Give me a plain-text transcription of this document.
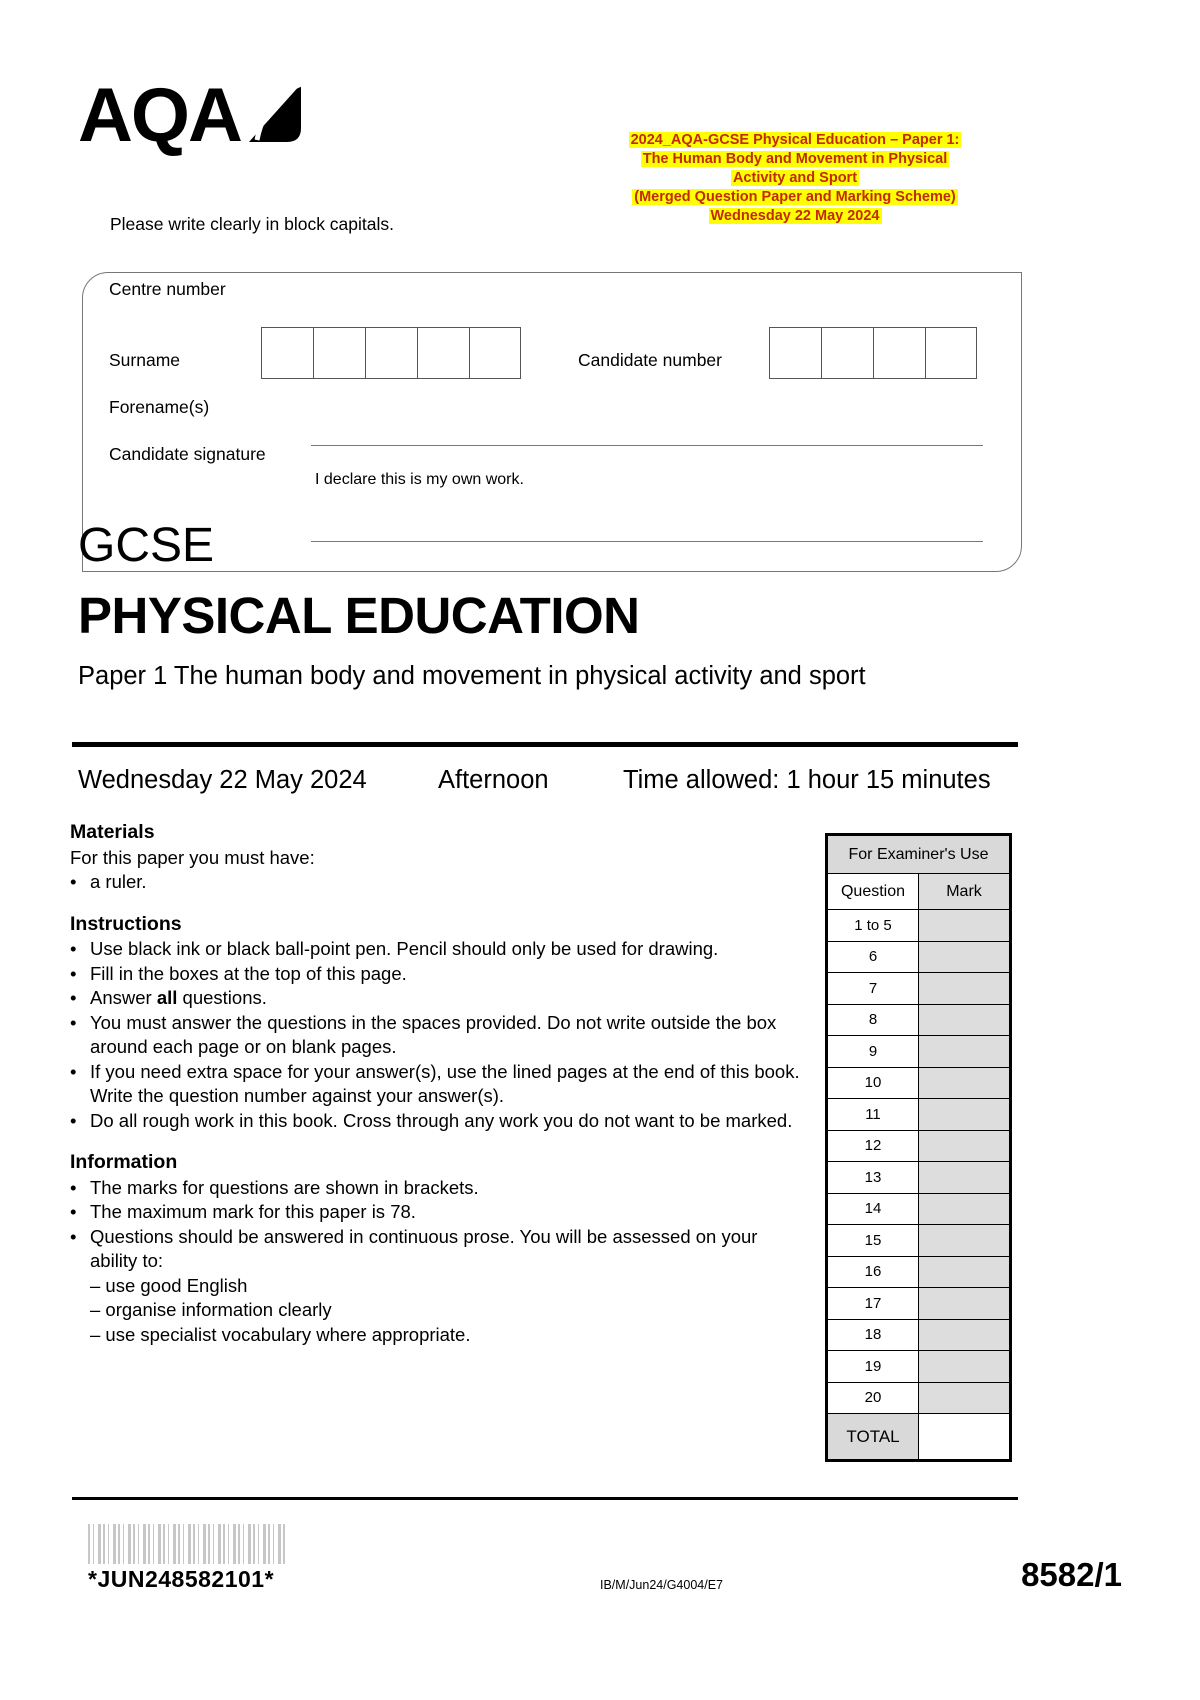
AQA	2024_AQA-GCSE Physical Education – Paper 1:
The Human Body and Movement in Physical
Activity and Sport
(Merged Question Paper and Marking Scheme)
Wednesday 22 May 2024
Please write clearly in block capitals.
Centre number
Surname
Forename(s)
Candidate signature
Candidate number
I declare this is my own work.
GCSE
PHYSICAL EDUCATION
Paper 1 The human body and movement in physical activity and sport
Wednesday 22 May 2024	Afternoon	Time allowed: 1 hour 15 minutes
Materials

For this paper you must have:

• a ruler.
Instructions
• Use black ink or black ball-point pen. Pencil should only be used for drawing.
• Fill in the boxes at the top of this page.
• Answer all questions.
• You must answer the questions in the spaces provided. Do not write outside the box around each page or on blank pages.
• If you need extra space for your answer(s), use the lined pages at the end of this book. Write the question number against your answer(s).
• Do all rough work in this book. Cross through any work you do not want to be marked.
Information
• The marks for questions are shown in brackets.
• The maximum mark for this paper is 78.
• Questions should be answered in continuous prose. You will be assessed on your ability to:
– use good English
– organise information clearly
– use specialist vocabulary where appropriate.
For Examiner's Use	
Question	Mark
1 to 5	
6	
7	
8	
9	
10	
11	
12	
13	
14	
15	
16	
17	
18	
19	
20	
TOTAL	
*JUN248582101*	IB/M/Jun24/G4004/E7	8582/1
